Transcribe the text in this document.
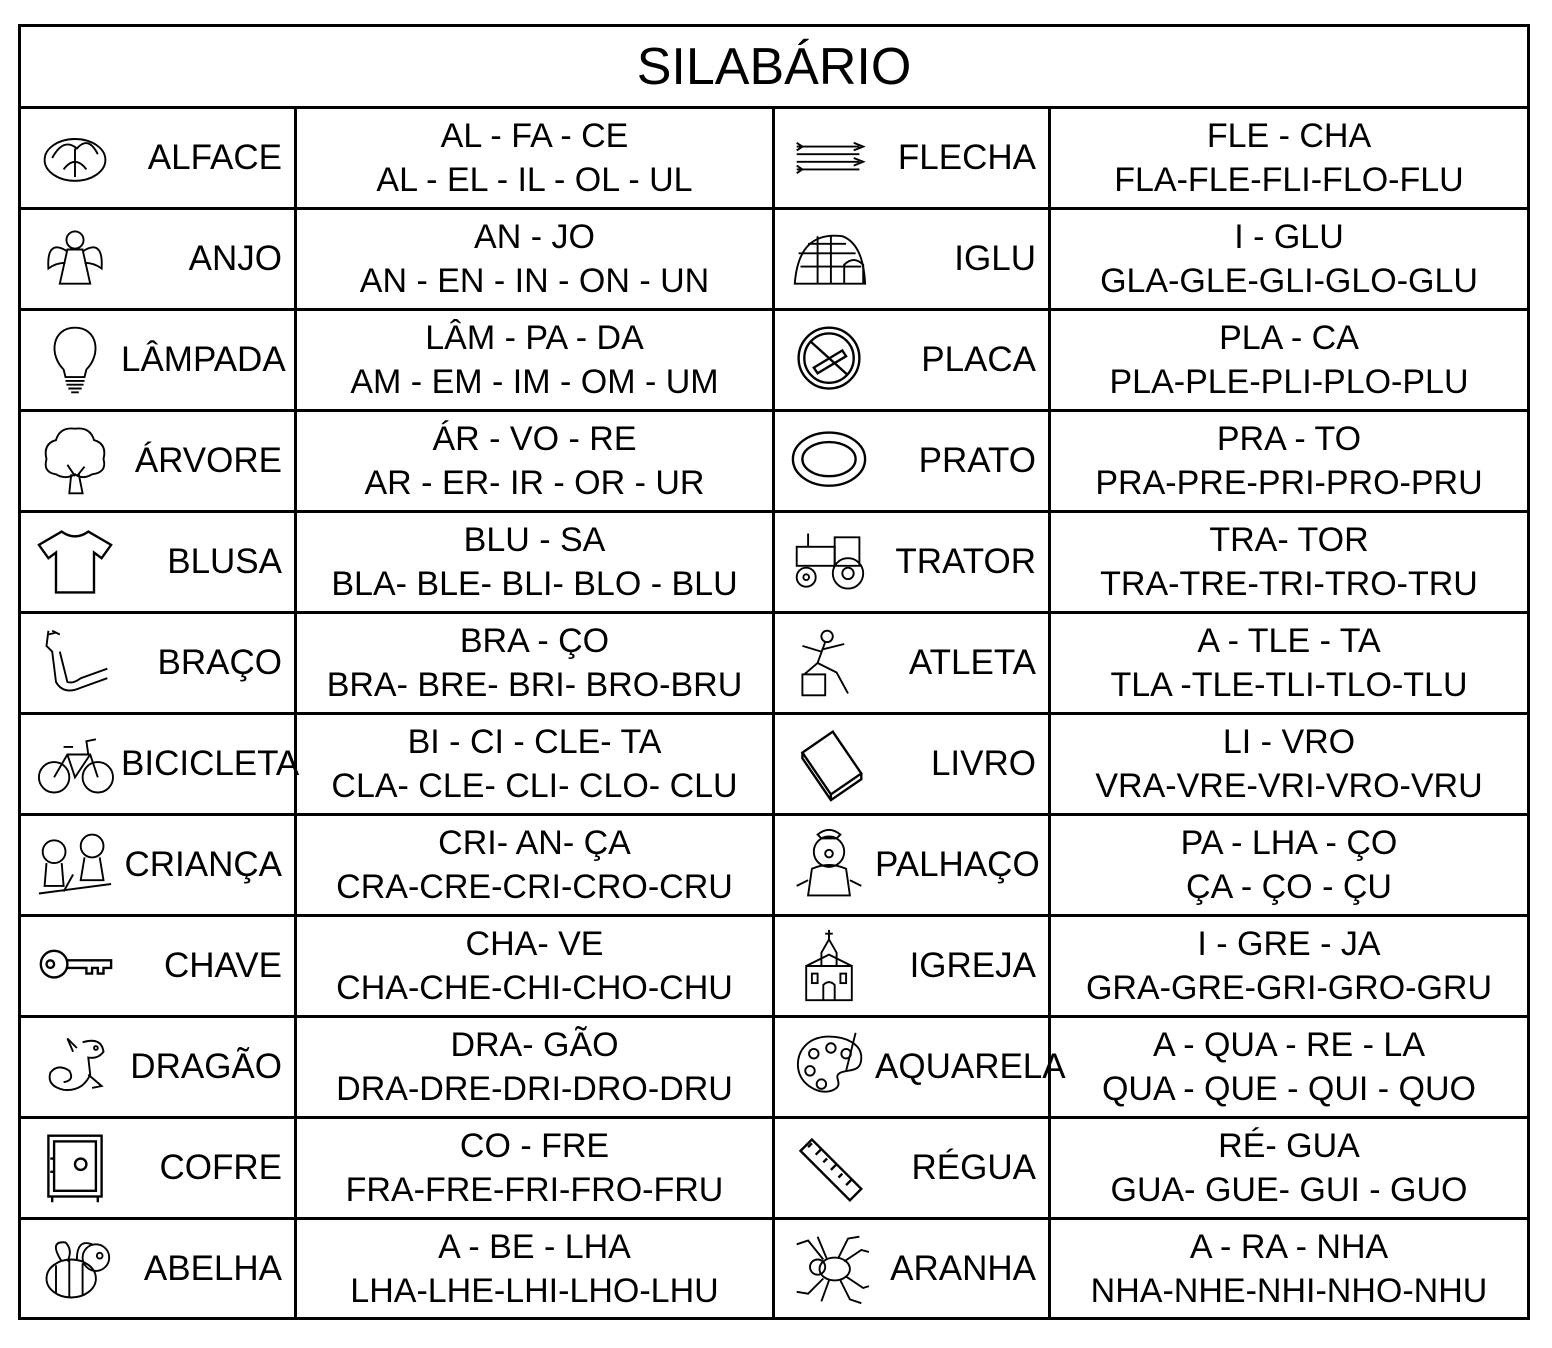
SILABÁRIO
ALFACE
AL - FA - CE
AL - EL - IL - OL - UL
FLECHA
FLE - CHA
FLA-FLE-FLI-FLO-FLU
ANJO
AN - JO
AN - EN - IN - ON - UN
IGLU
I - GLU
GLA-GLE-GLI-GLO-GLU
LÂMPADA
LÂM - PA - DA
AM - EM - IM - OM - UM
PLACA
PLA - CA
PLA-PLE-PLI-PLO-PLU
ÁRVORE
ÁR - VO - RE
AR - ER- IR - OR - UR
PRATO
PRA - TO
PRA-PRE-PRI-PRO-PRU
BLUSA
BLU - SA
BLA- BLE- BLI- BLO - BLU
TRATOR
TRA- TOR
TRA-TRE-TRI-TRO-TRU
BRAÇO
BRA - ÇO
BRA- BRE- BRI- BRO-BRU
ATLETA
A - TLE - TA
TLA -TLE-TLI-TLO-TLU
BICICLETA
BI - CI - CLE- TA
CLA- CLE- CLI- CLO- CLU
LIVRO
LI - VRO
VRA-VRE-VRI-VRO-VRU
CRIANÇA
CRI- AN- ÇA
CRA-CRE-CRI-CRO-CRU
PALHAÇO
PA - LHA - ÇO
ÇA - ÇO - ÇU
CHAVE
CHA- VE
CHA-CHE-CHI-CHO-CHU
IGREJA
I - GRE - JA
GRA-GRE-GRI-GRO-GRU
DRAGÃO
DRA- GÃO
DRA-DRE-DRI-DRO-DRU
AQUARELA
A - QUA - RE - LA
QUA - QUE - QUI - QUO
COFRE
CO - FRE
FRA-FRE-FRI-FRO-FRU
RÉGUA
RÉ- GUA
GUA- GUE- GUI - GUO
ABELHA
A - BE - LHA
LHA-LHE-LHI-LHO-LHU
ARANHA
A - RA - NHA
NHA-NHE-NHI-NHO-NHU
